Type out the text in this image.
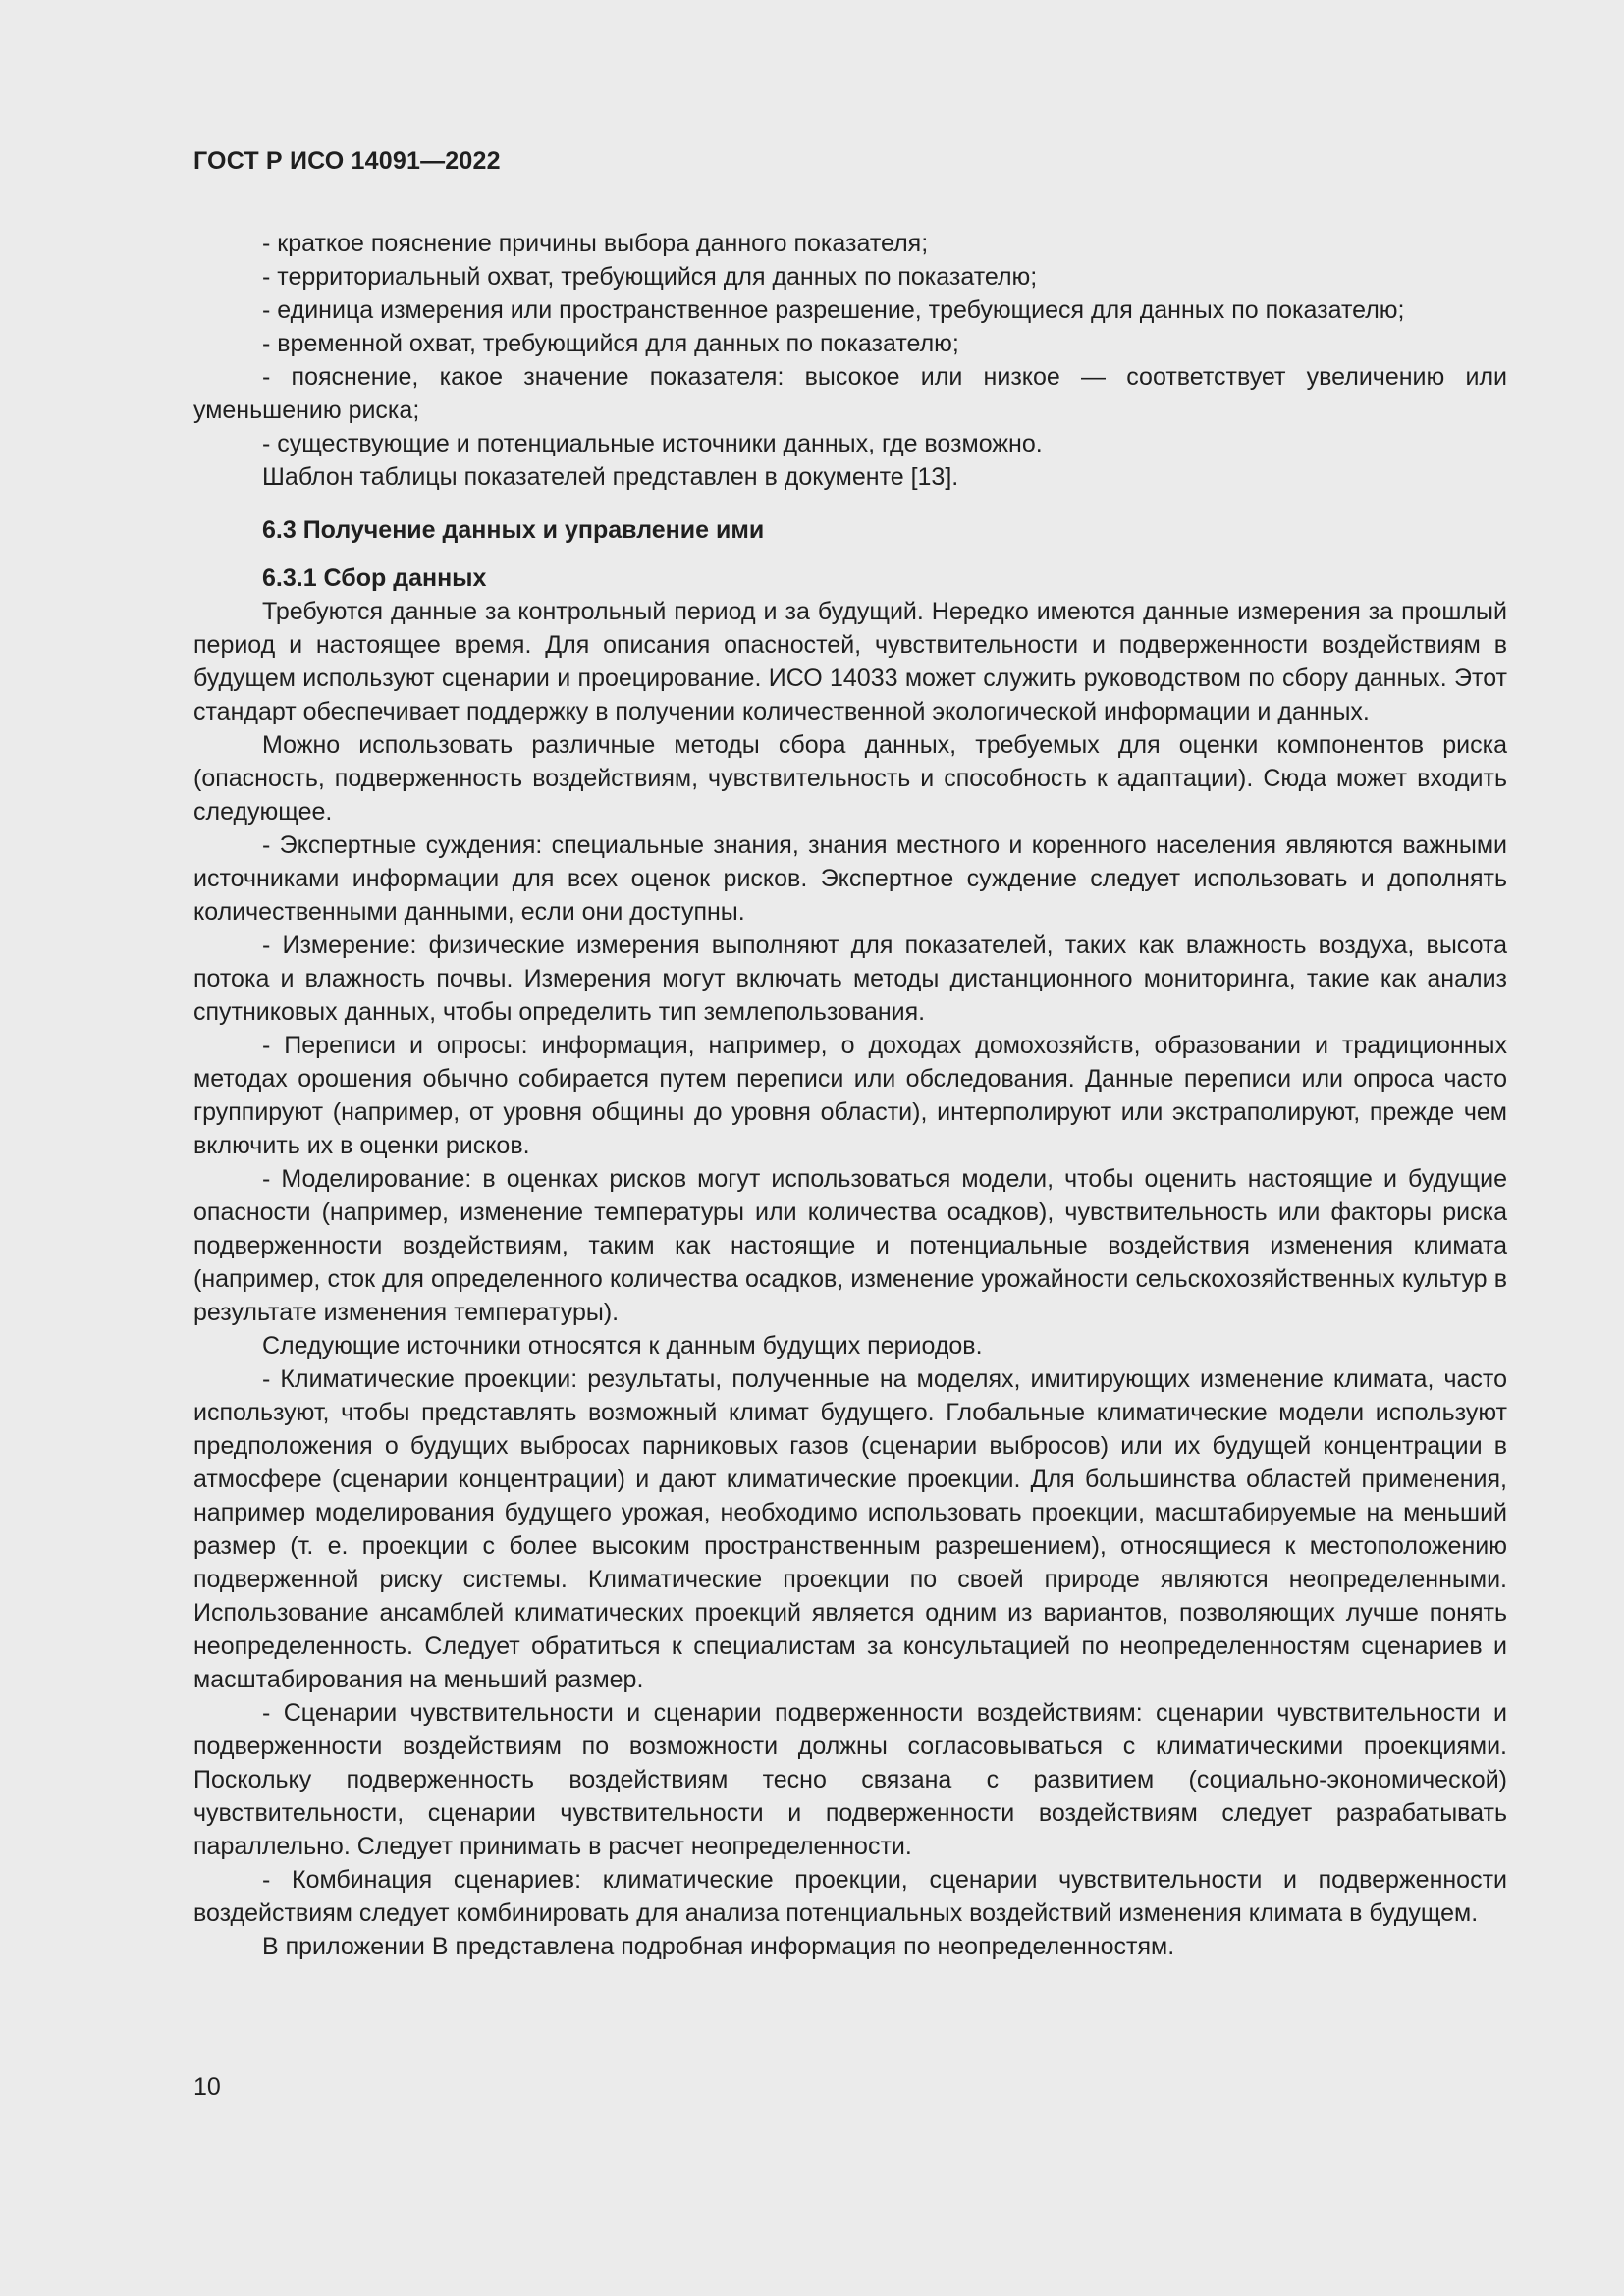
ГОСТ Р ИСО 14091—2022

- краткое пояснение причины выбора данного показателя;

- территориальный охват, требующийся для данных по показателю;

- единица измерения или пространственное разрешение, требующиеся для данных по показателю;

- временной охват, требующийся для данных по показателю;

- пояснение, какое значение показателя: высокое или низкое — соответствует увеличению или уменьшению риска;

- существующие и потенциальные источники данных, где возможно.

Шаблон таблицы показателей представлен в документе [13].

6.3 Получение данных и управление ими

6.3.1 Сбор данных

Требуются данные за контрольный период и за будущий. Нередко имеются данные измерения за прошлый период и настоящее время. Для описания опасностей, чувствительности и подверженности воздействиям в будущем используют сценарии и проецирование. ИСО 14033 может служить руководством по сбору данных. Этот стандарт обеспечивает поддержку в получении количественной экологической информации и данных.

Можно использовать различные методы сбора данных, требуемых для оценки компонентов риска (опасность, подверженность воздействиям, чувствительность и способность к адаптации). Сюда может входить следующее.

- Экспертные суждения: специальные знания, знания местного и коренного населения являются важными источниками информации для всех оценок рисков. Экспертное суждение следует использовать и дополнять количественными данными, если они доступны.

- Измерение: физические измерения выполняют для показателей, таких как влажность воздуха, высота потока и влажность почвы. Измерения могут включать методы дистанционного мониторинга, такие как анализ спутниковых данных, чтобы определить тип землепользования.

- Переписи и опросы: информация, например, о доходах домохозяйств, образовании и традиционных методах орошения обычно собирается путем переписи или обследования. Данные переписи или опроса часто группируют (например, от уровня общины до уровня области), интерполируют или экстраполируют, прежде чем включить их в оценки рисков.

- Моделирование: в оценках рисков могут использоваться модели, чтобы оценить настоящие и будущие опасности (например, изменение температуры или количества осадков), чувствительность или факторы риска подверженности воздействиям, таким как настоящие и потенциальные воздействия изменения климата (например, сток для определенного количества осадков, изменение урожайности сельскохозяйственных культур в результате изменения температуры).

Следующие источники относятся к данным будущих периодов.

- Климатические проекции: результаты, полученные на моделях, имитирующих изменение климата, часто используют, чтобы представлять возможный климат будущего. Глобальные климатические модели используют предположения о будущих выбросах парниковых газов (сценарии выбросов) или их будущей концентрации в атмосфере (сценарии концентрации) и дают климатические проекции. Для большинства областей применения, например моделирования будущего урожая, необходимо использовать проекции, масштабируемые на меньший размер (т. е. проекции с более высоким пространственным разрешением), относящиеся к местоположению подверженной риску системы. Климатические проекции по своей природе являются неопределенными. Использование ансамблей климатических проекций является одним из вариантов, позволяющих лучше понять неопределенность. Следует обратиться к специалистам за консультацией по неопределенностям сценариев и масштабирования на меньший размер.

- Сценарии чувствительности и сценарии подверженности воздействиям: сценарии чувствительности и подверженности воздействиям по возможности должны согласовываться с климатическими проекциями. Поскольку подверженность воздействиям тесно связана с развитием (социально-экономической) чувствительности, сценарии чувствительности и подверженности воздействиям следует разрабатывать параллельно. Следует принимать в расчет неопределенности.

- Комбинация сценариев: климатические проекции, сценарии чувствительности и подверженности воздействиям следует комбинировать для анализа потенциальных воздействий изменения климата в будущем.

В приложении В представлена подробная информация по неопределенностям.

10
